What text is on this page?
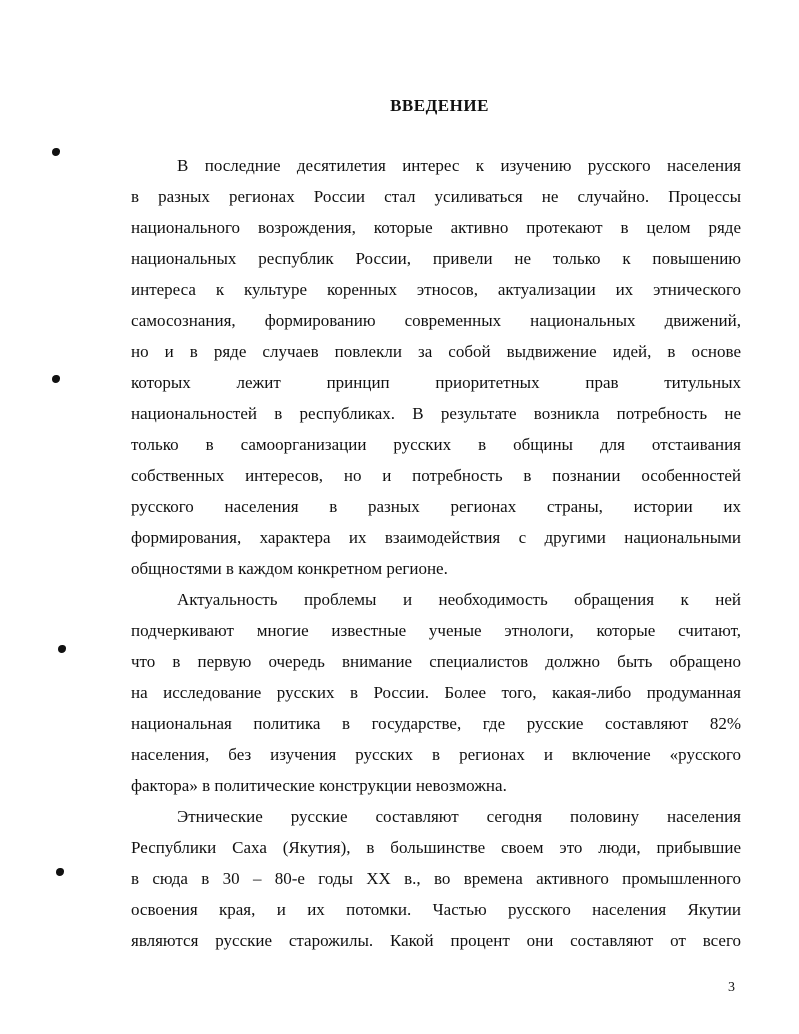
ВВЕДЕНИЕ
В последние десятилетия интерес к изучению русского населения
в разных регионах России стал усиливаться не случайно. Процессы
национального возрождения, которые активно протекают в целом ряде
национальных республик России, привели не только к повышению
интереса к культуре коренных этносов, актуализации их этнического
самосознания, формированию современных национальных движений,
но и в ряде случаев повлекли за собой выдвижение идей, в основе
которых лежит принцип приоритетных прав титульных
национальностей в республиках. В результате возникла потребность не
только в самоорганизации русских в общины для отстаивания
собственных интересов, но и потребность в познании особенностей
русского населения в разных регионах страны, истории их
формирования, характера их взаимодействия с другими национальными
общностями в каждом конкретном регионе.
Актуальность проблемы и необходимость обращения к ней
подчеркивают многие известные ученые этнологи, которые считают,
что в первую очередь внимание специалистов должно быть обращено
на исследование русских в России. Более того, какая-либо продуманная
национальная политика в государстве, где русские составляют 82%
населения, без изучения русских в регионах и включение «русского
фактора» в политические конструкции невозможна.
Этнические русские составляют сегодня половину населения
Республики Саха (Якутия), в большинстве своем это люди, прибывшие
в сюда в 30 – 80-е годы XX в., во времена активного промышленного
освоения края, и их потомки. Частью русского населения Якутии
являются русские старожилы. Какой процент они составляют от всего
3
